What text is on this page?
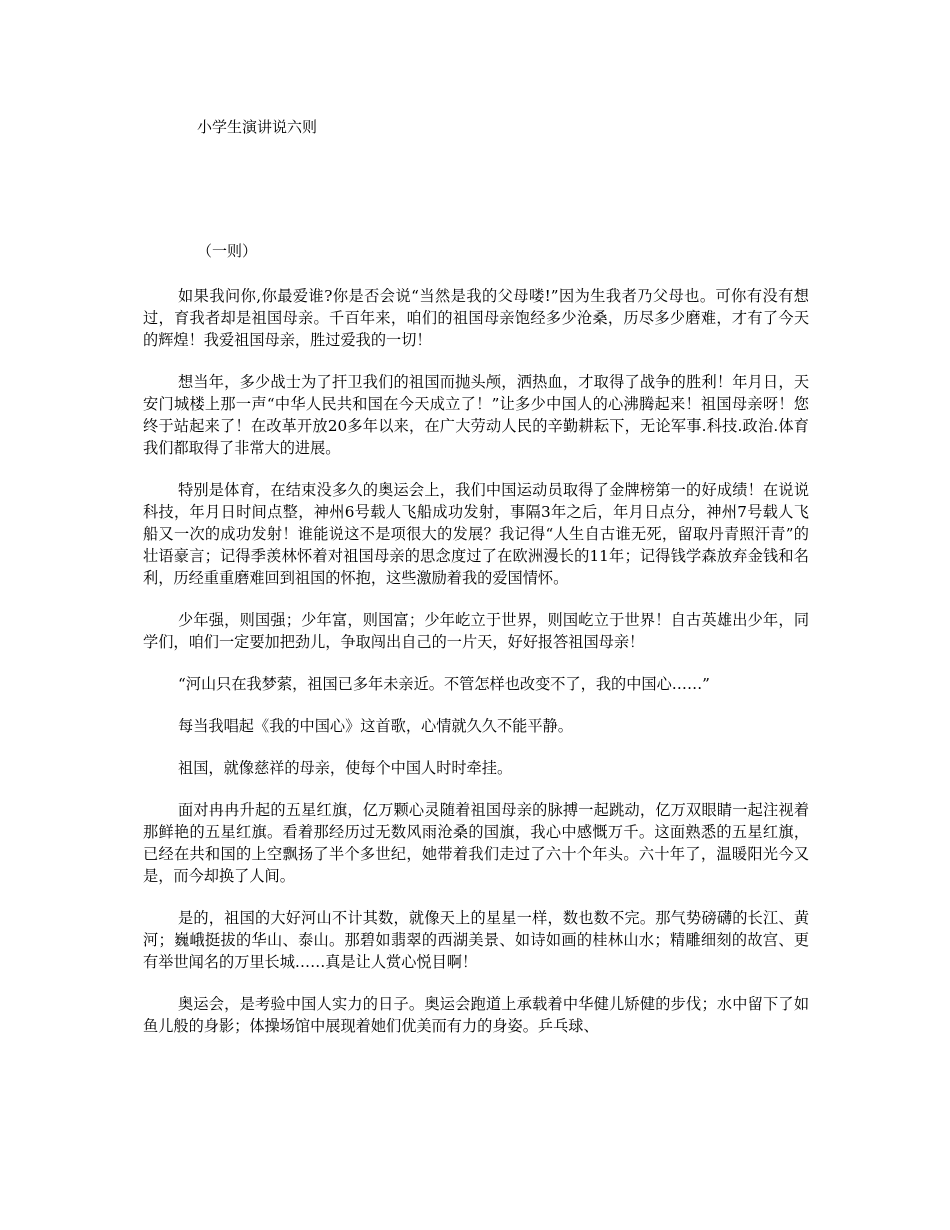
小学生演讲说六则
（一则）

如果我问你,你最爱谁?你是否会说“当然是我的父母喽!”因为生我者乃父母也。可你有没有想过，育我者却是祖国母亲。千百年来，咱们的祖国母亲饱经多少沧桑，历尽多少磨难，才有了今天的辉煌！我爱祖国母亲，胜过爱我的一切！

想当年，多少战士为了扞卫我们的祖国而抛头颅，洒热血，才取得了战争的胜利！年月日，天安门城楼上那一声“中华人民共和国在今天成立了！”让多少中国人的心沸腾起来！祖国母亲呀！您终于站起来了！在改革开放20多年以来，在广大劳动人民的辛勤耕耘下，无论军事.科技.政治.体育我们都取得了非常大的进展。

特别是体育，在结束没多久的奥运会上，我们中国运动员取得了金牌榜第一的好成绩！在说说科技，年月日时间点整，神州6号载人飞船成功发射，事隔3年之后，年月日点分，神州7号载人飞船又一次的成功发射！谁能说这不是项很大的发展？我记得“人生自古谁无死，留取丹青照汗青”的壮语豪言；记得季羡林怀着对祖国母亲的思念度过了在欧洲漫长的11年；记得钱学森放弃金钱和名利，历经重重磨难回到祖国的怀抱，这些激励着我的爱国情怀。

少年强，则国强；少年富，则国富；少年屹立于世界，则国屹立于世界！自古英雄出少年，同学们，咱们一定要加把劲儿，争取闯出自己的一片天，好好报答祖国母亲！

“河山只在我梦萦，祖国已多年未亲近。不管怎样也改变不了，我的中国心……”

每当我唱起《我的中国心》这首歌，心情就久久不能平静。

祖国，就像慈祥的母亲，使每个中国人时时牵挂。

面对冉冉升起的五星红旗，亿万颗心灵随着祖国母亲的脉搏一起跳动，亿万双眼睛一起注视着那鲜艳的五星红旗。看着那经历过无数风雨沧桑的国旗，我心中感慨万千。这面熟悉的五星红旗，已经在共和国的上空飘扬了半个多世纪，她带着我们走过了六十个年头。六十年了，温暖阳光今又是，而今却换了人间。

是的，祖国的大好河山不计其数，就像天上的星星一样，数也数不完。那气势磅礴的长江、黄河；巍峨挺拔的华山、泰山。那碧如翡翠的西湖美景、如诗如画的桂林山水；精雕细刻的故宫、更有举世闻名的万里长城……真是让人赏心悦目啊！

奥运会，是考验中国人实力的日子。奥运会跑道上承载着中华健儿矫健的步伐；水中留下了如鱼儿般的身影；体操场馆中展现着她们优美而有力的身姿。乒乓球、
